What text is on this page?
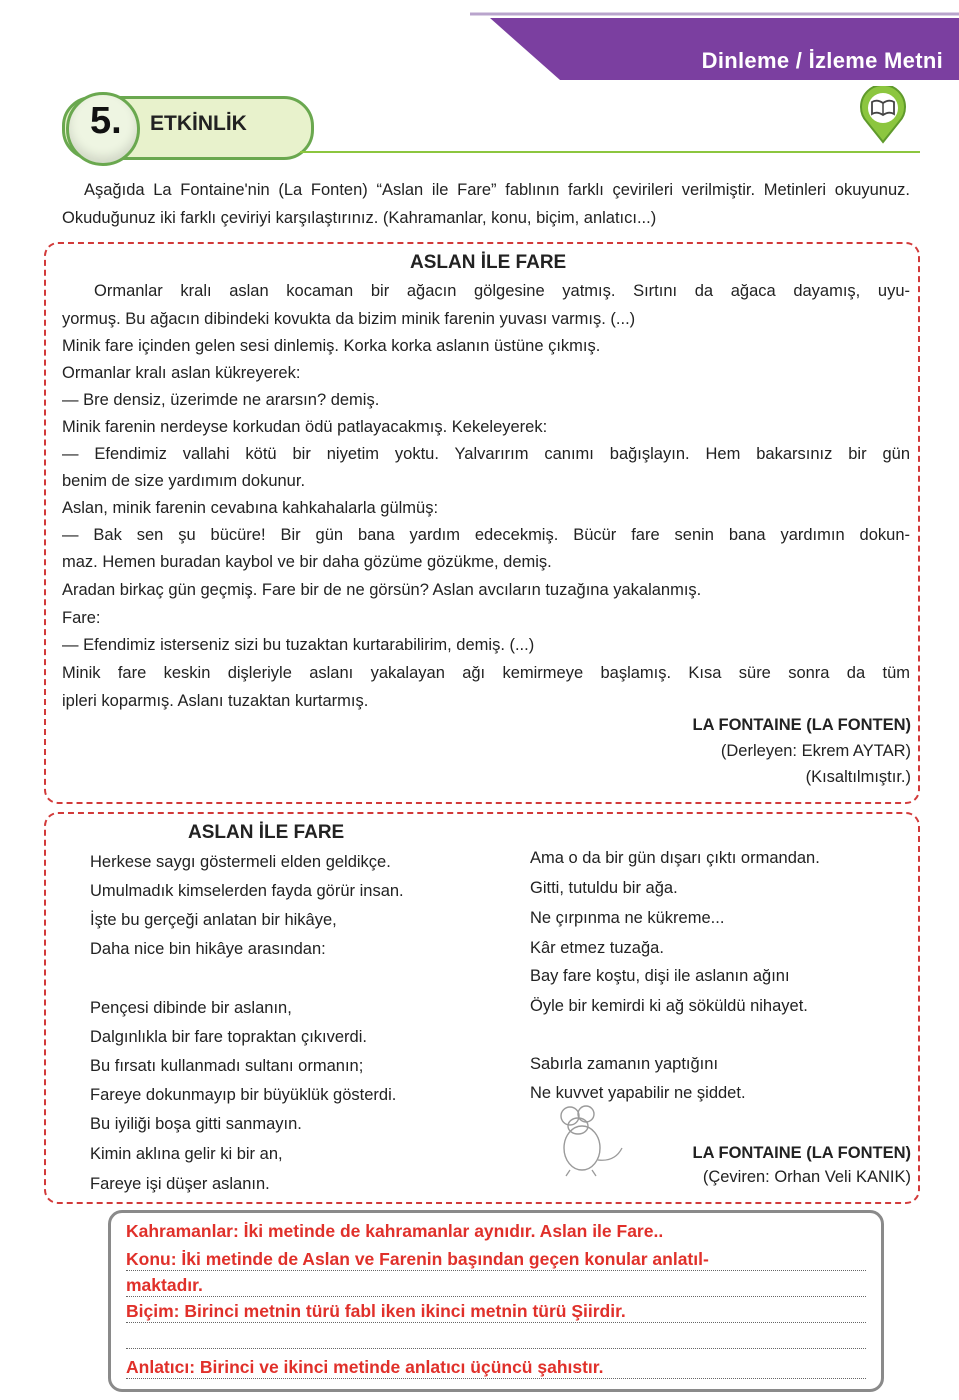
Dinleme / İzleme Metni
5. ETKİNLİK
Aşağıda La Fontaine'nin (La Fonten) “Aslan ile Fare” fablının farklı çevirileri verilmiştir. Metinleri okuyunuz. Okuduğunuz iki farklı çeviriyi karşılaştırınız. (Kahramanlar, konu, biçim, anlatıcı...)
ASLAN İLE FARE
Ormanlar kralı aslan kocaman bir ağacın gölgesine yatmış. Sırtını da ağaca dayamış, uyu-
yormuş. Bu ağacın dibindeki kovukta da bizim minik farenin yuvası varmış. (...)
Minik fare içinden gelen sesi dinlemiş. Korka korka aslanın üstüne çıkmış.
Ormanlar kralı aslan kükreyerek:
— Bre densiz, üzerimde ne ararsın? demiş.
Minik farenin nerdeyse korkudan ödü patlayacakmış. Kekeleyerek:
— Efendimiz vallahi kötü bir niyetim yoktu. Yalvarırım canımı bağışlayın. Hem bakarsınız bir gün
benim de size yardımım dokunur.
Aslan, minik farenin cevabına kahkahalarla gülmüş:
— Bak sen şu bücüre! Bir gün bana yardım edecekmiş. Bücür fare senin bana yardımın dokun-
maz. Hemen buradan kaybol ve bir daha gözüme gözükme, demiş.
Aradan birkaç gün geçmiş. Fare bir de ne görsün? Aslan avcıların tuzağına yakalanmış.
Fare:
— Efendimiz isterseniz sizi bu tuzaktan kurtarabilirim, demiş. (...)
Minik fare keskin dişleriyle aslanı yakalayan ağı kemirmeye başlamış. Kısa süre sonra da tüm
ipleri koparmış. Aslanı tuzaktan kurtarmış.
LA FONTAINE (LA FONTEN)
(Derleyen: Ekrem AYTAR)
(Kısaltılmıştır.)
ASLAN İLE FARE
Herkese saygı göstermeli elden geldikçe.
Umulmadık kimselerden fayda görür insan.
İşte bu gerçeği anlatan bir hikâye,
Daha nice bin hikâye arasından:
Pençesi dibinde bir aslanın,
Dalgınlıkla bir fare topraktan çıkıverdi.
Bu fırsatı kullanmadı sultanı ormanın;
Fareye dokunmayıp bir büyüklük gösterdi.
Bu iyiliği boşa gitti sanmayın.
Kimin aklına gelir ki bir an,
Fareye işi düşer aslanın.
Ama o da bir gün dışarı çıktı ormandan.
Gitti, tutuldu bir ağa.
Ne çırpınma ne kükreme...
Kâr etmez tuzağa.
Bay fare koştu, dişi ile aslanın ağını
Öyle bir kemirdi ki ağ söküldü nihayet.
Sabırla zamanın yaptığını
Ne kuvvet yapabilir ne şiddet.
LA FONTAINE (LA FONTEN)
(Çeviren: Orhan Veli KANIK)
Kahramanlar: İki metinde de kahramanlar aynıdır. Aslan ile Fare..
Konu: İki metinde de Aslan ve Farenin başından geçen konular anlatıl-
maktadır.
Biçim: Birinci metnin türü fabl iken ikinci metnin türü Şiirdir.
Anlatıcı: Birinci ve ikinci metinde anlatıcı üçüncü şahıstır.
